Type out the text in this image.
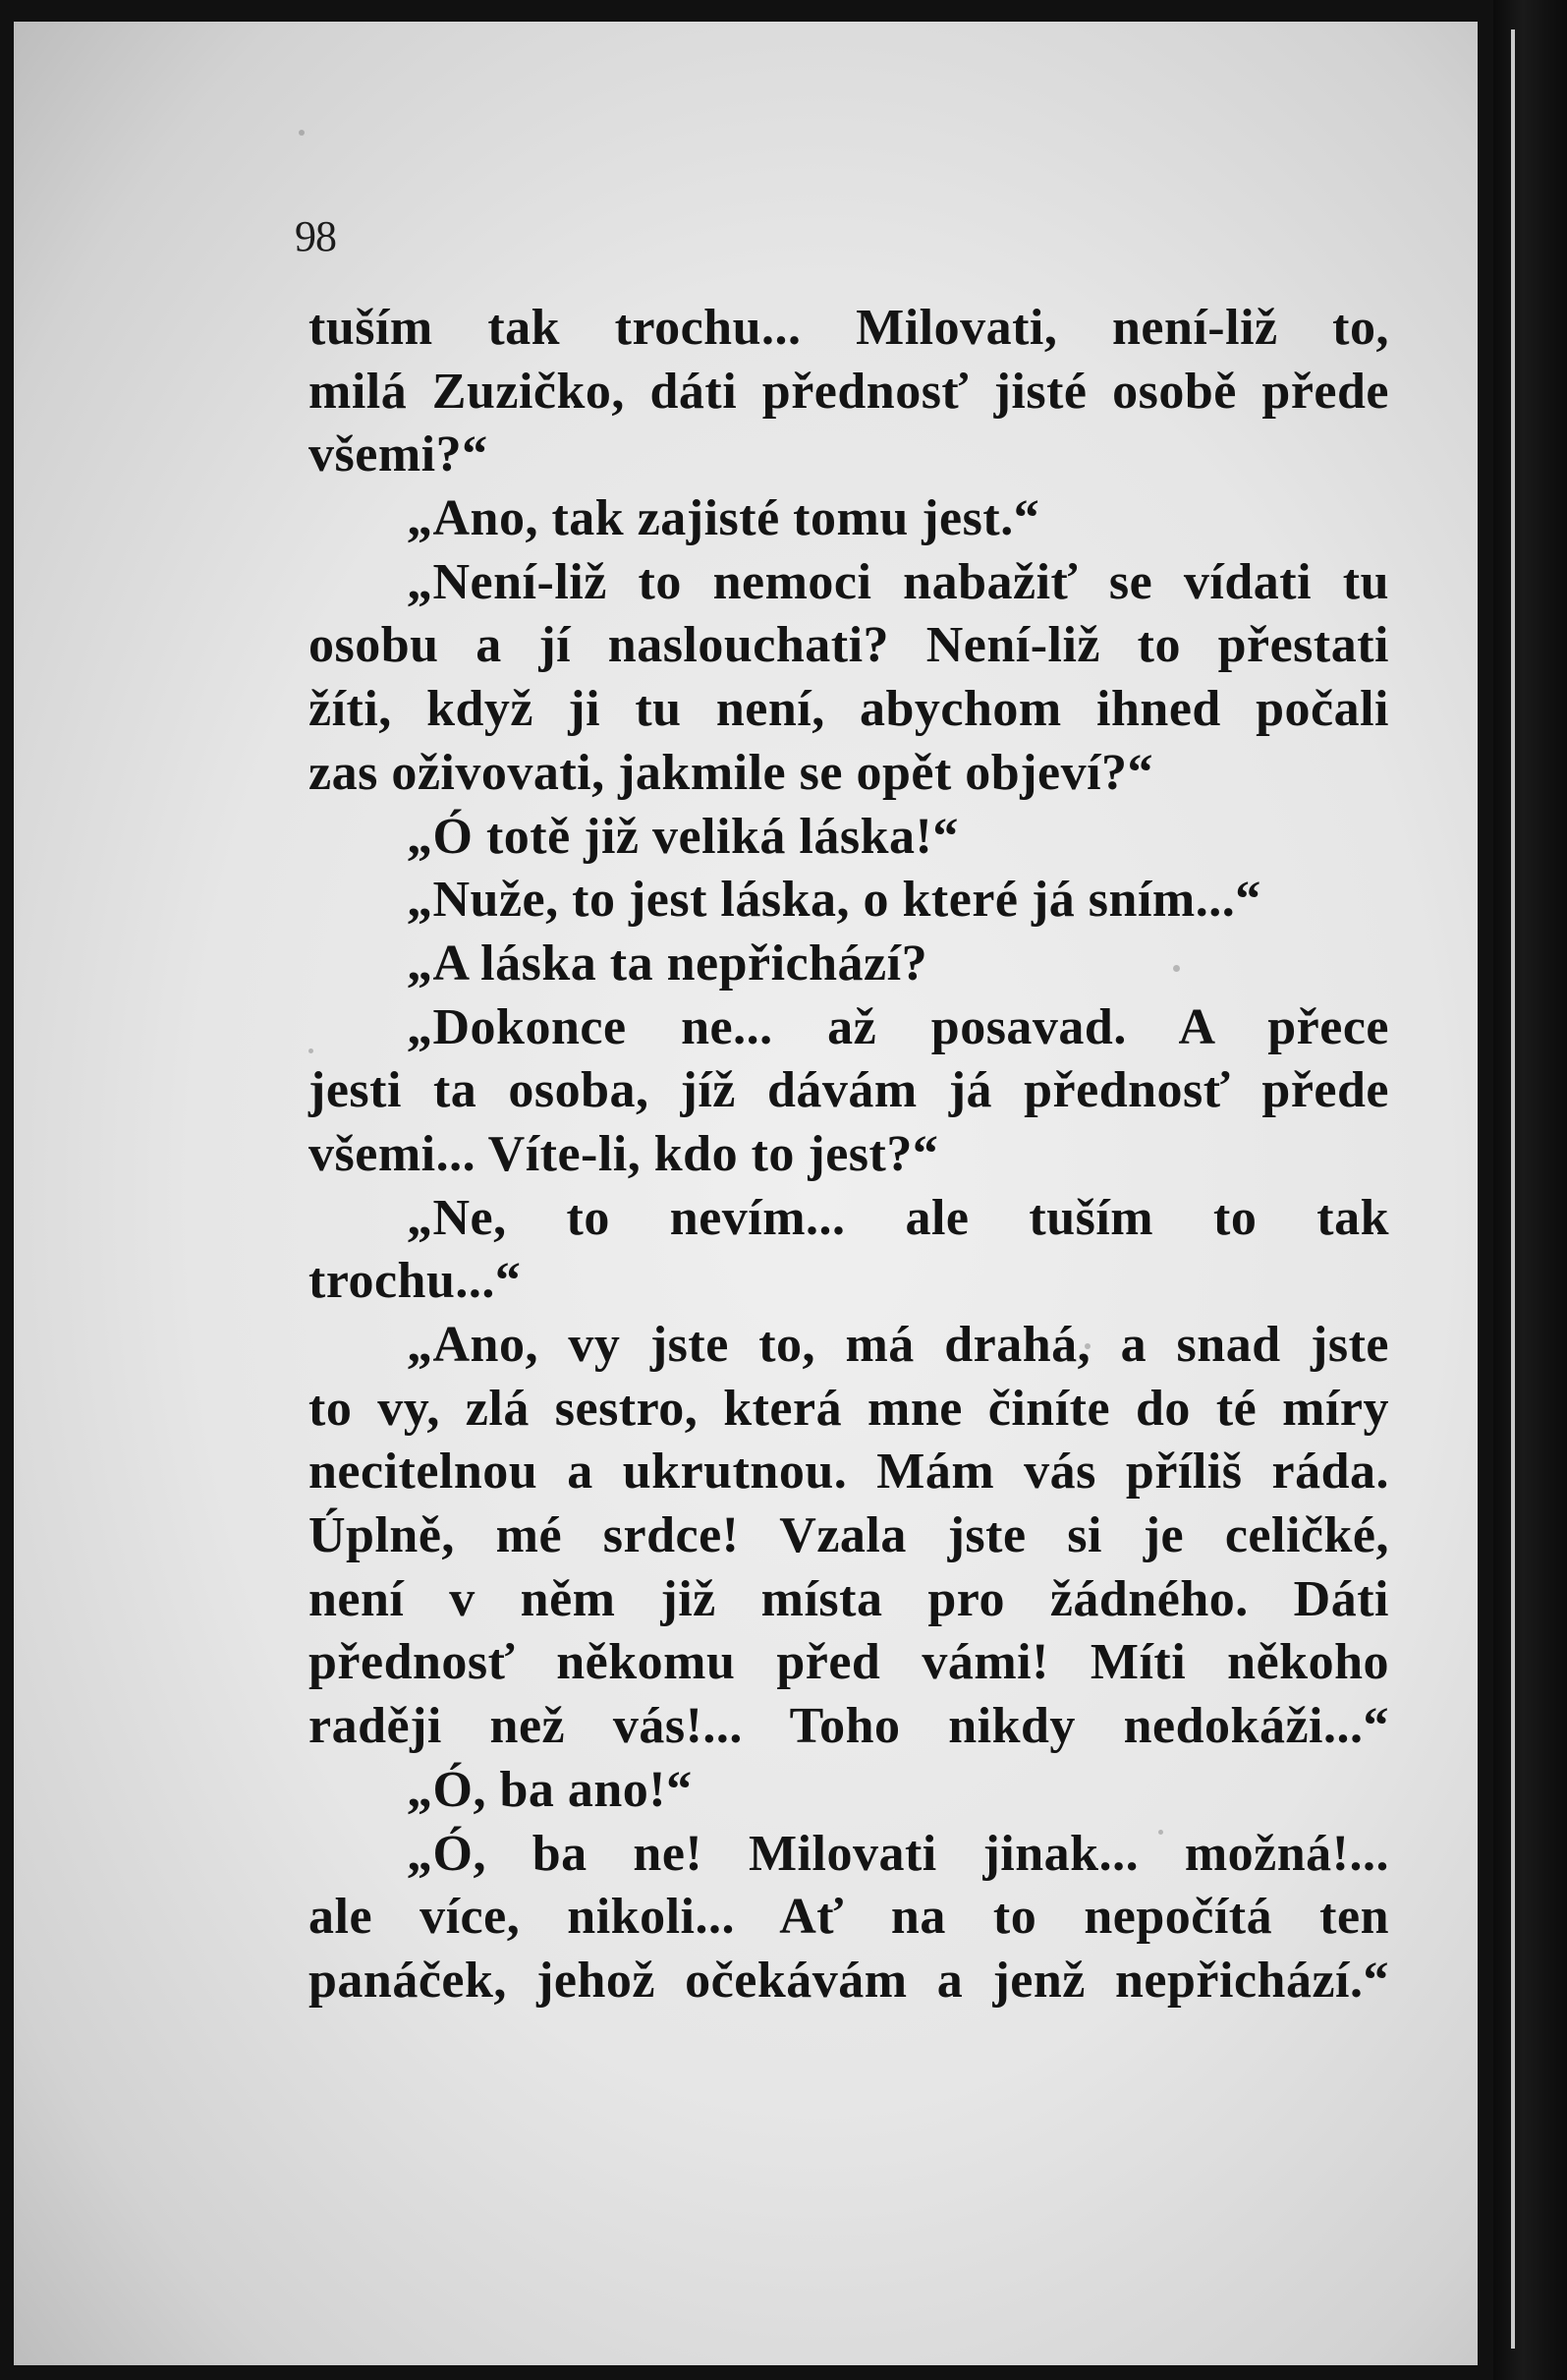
98
tuším tak trochu... Milovati, není-liž to,
milá Zuzičko, dáti přednosť jisté osobě přede
všemi?“
„Ano, tak zajisté tomu jest.“
„Není-liž to nemoci nabažiť se vídati tu
osobu a jí naslouchati? Není-liž to přestati
žíti, když ji tu není, abychom ihned počali
zas oživovati, jakmile se opět objeví?“
„Ó totě již veliká láska!“
„Nuže, to jest láska, o které já sním...“
„A láska ta nepřichází?
„Dokonce ne... až posavad. A přece
jesti ta osoba, jíž dávám já přednosť přede
všemi... Víte-li, kdo to jest?“
„Ne, to nevím... ale tuším to tak
trochu...“
„Ano, vy jste to, má drahá, a snad jste
to vy, zlá sestro, která mne činíte do té míry
necitelnou a ukrutnou. Mám vás příliš ráda.
Úplně, mé srdce! Vzala jste si je celičké,
není v něm již místa pro žádného. Dáti
přednosť někomu před vámi! Míti někoho
raději než vás!... Toho nikdy nedokáži...“
„Ó, ba ano!“
„Ó, ba ne! Milovati jinak... možná!...
ale více, nikoli... Ať na to nepočítá ten
panáček, jehož očekávám a jenž nepřichází.“
